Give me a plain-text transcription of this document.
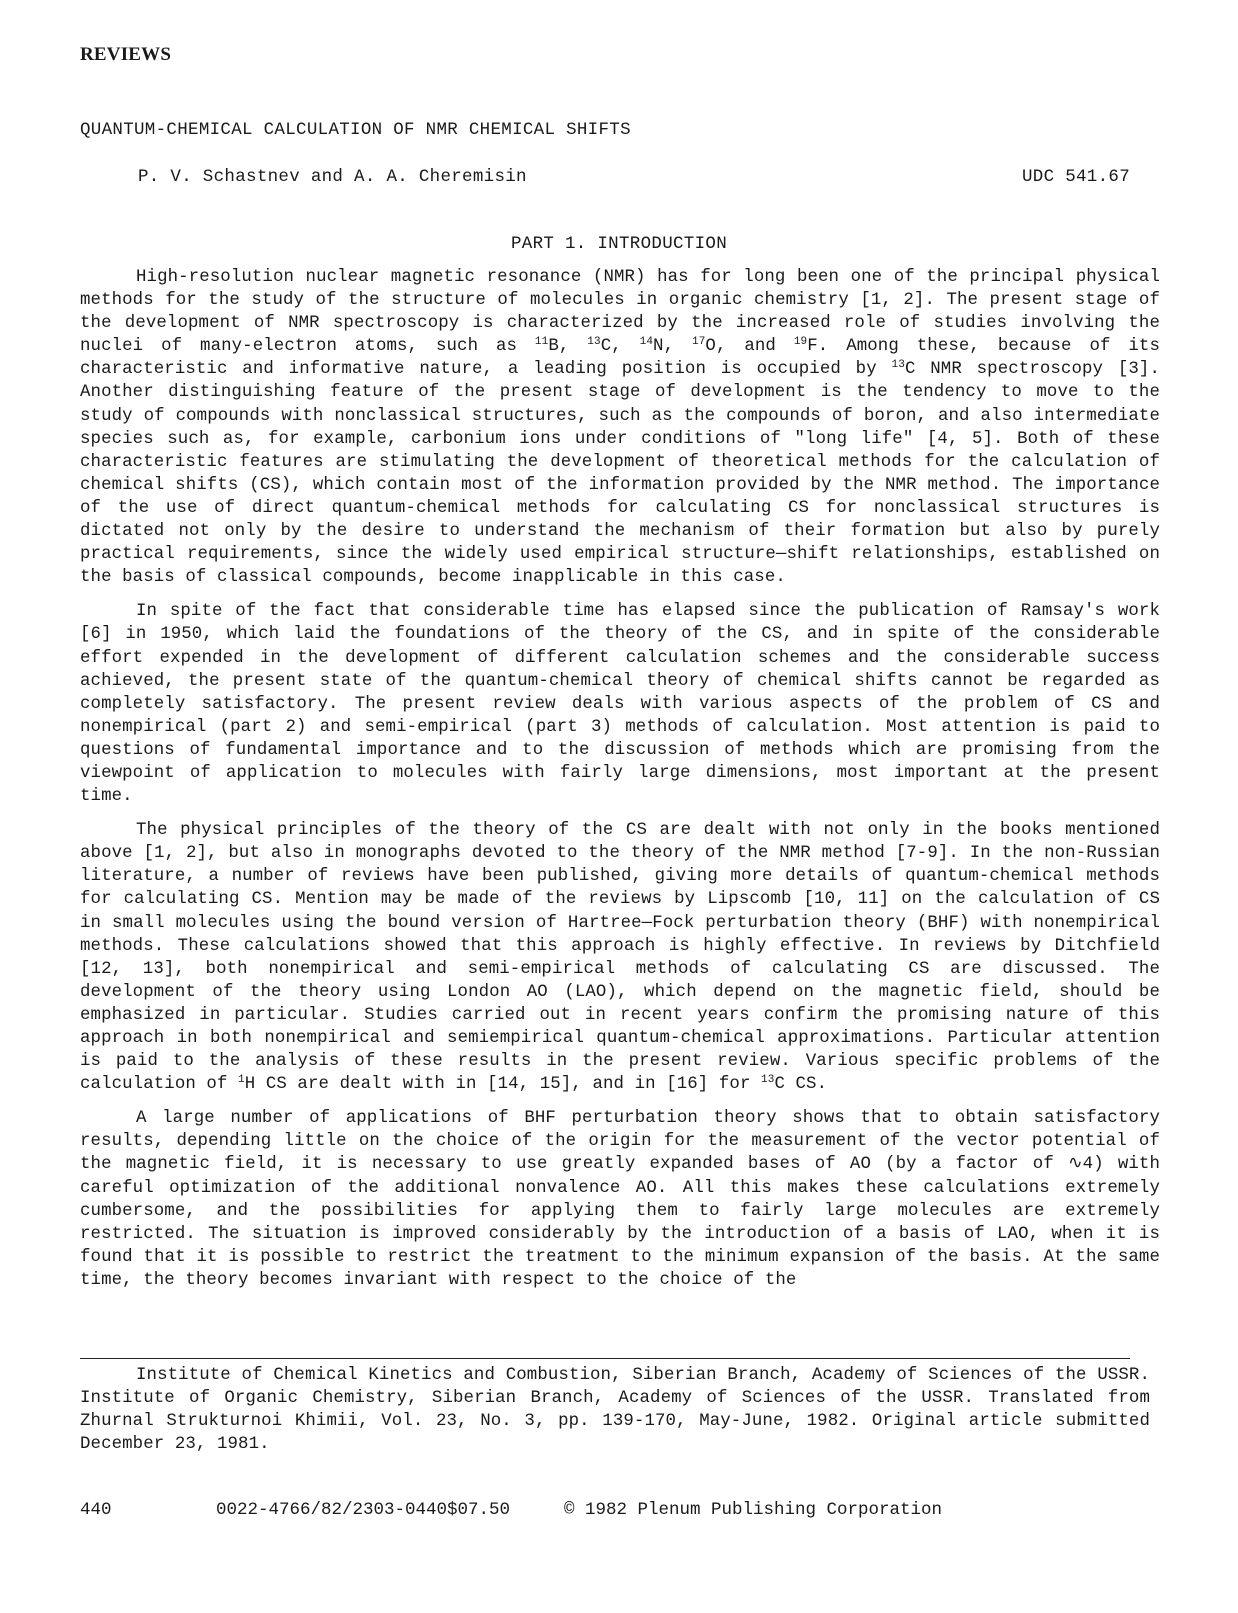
REVIEWS
QUANTUM-CHEMICAL CALCULATION OF NMR CHEMICAL SHIFTS
P. V. Schastnev and A. A. Cheremisin	UDC 541.67
PART 1. INTRODUCTION

High-resolution nuclear magnetic resonance (NMR) has for long been one of the principal physical methods for the study of the structure of molecules in organic chemistry [1, 2]. The present stage of the development of NMR spectroscopy is characterized by the increased role of studies involving the nuclei of many-electron atoms, such as $^{11}$B, $^{13}$C, $^{14}$N, $^{17}$O, and $^{19}$F. Among these, because of its characteristic and informative nature, a leading position is occupied by $^{13}$C NMR spectroscopy [3]. Another distinguishing feature of the present stage of development is the tendency to move to the study of compounds with nonclassical structures, such as the compounds of boron, and also intermediate species such as, for example, carbonium ions under conditions of "long life" [4, 5]. Both of these characteristic features are stimulating the development of theoretical methods for the calculation of chemical shifts (CS), which contain most of the information provided by the NMR method. The importance of the use of direct quantum-chemical methods for calculating CS for nonclassical structures is dictated not only by the desire to understand the mechanism of their formation but also by purely practical requirements, since the widely used empirical structure—shift relationships, established on the basis of classical compounds, become inapplicable in this case.

In spite of the fact that considerable time has elapsed since the publication of Ramsay's work [6] in 1950, which laid the foundations of the theory of the CS, and in spite of the considerable effort expended in the development of different calculation schemes and the considerable success achieved, the present state of the quantum-chemical theory of chemical shifts cannot be regarded as completely satisfactory. The present review deals with various aspects of the problem of CS and nonempirical (part 2) and semi-empirical (part 3) methods of calculation. Most attention is paid to questions of fundamental importance and to the discussion of methods which are promising from the viewpoint of application to molecules with fairly large dimensions, most important at the present time.

The physical principles of the theory of the CS are dealt with not only in the books mentioned above [1, 2], but also in monographs devoted to the theory of the NMR method [7-9]. In the non-Russian literature, a number of reviews have been published, giving more details of quantum-chemical methods for calculating CS. Mention may be made of the reviews by Lipscomb [10, 11] on the calculation of CS in small molecules using the bound version of Hartree—Fock perturbation theory (BHF) with nonempirical methods. These calculations showed that this approach is highly effective. In reviews by Ditchfield [12, 13], both nonempirical and semi-empirical methods of calculating CS are discussed. The development of the theory using London AO (LAO), which depend on the magnetic field, should be emphasized in particular. Studies carried out in recent years confirm the promising nature of this approach in both nonempirical and semiempirical quantum-chemical approximations. Particular attention is paid to the analysis of these results in the present review. Various specific problems of the calculation of $^1$H CS are dealt with in [14, 15], and in [16] for $^{13}$C CS.

A large number of applications of BHF perturbation theory shows that to obtain satisfactory results, depending little on the choice of the origin for the measurement of the vector potential of the magnetic field, it is necessary to use greatly expanded bases of AO (by a factor of ∿4) with careful optimization of the additional nonvalence AO. All this makes these calculations extremely cumbersome, and the possibilities for applying them to fairly large molecules are extremely restricted. The situation is improved considerably by the introduction of a basis of LAO, when it is found that it is possible to restrict the treatment to the minimum expansion of the basis. At the same time, the theory becomes invariant with respect to the choice of the

Institute of Chemical Kinetics and Combustion, Siberian Branch, Academy of Sciences of the USSR. Institute of Organic Chemistry, Siberian Branch, Academy of Sciences of the USSR. Translated from Zhurnal Strukturnoi Khimii, Vol. 23, No. 3, pp. 139-170, May-June, 1982. Original article submitted December 23, 1981.

440	0022-4766/82/2303-0440$07.50	© 1982 Plenum Publishing Corporation
